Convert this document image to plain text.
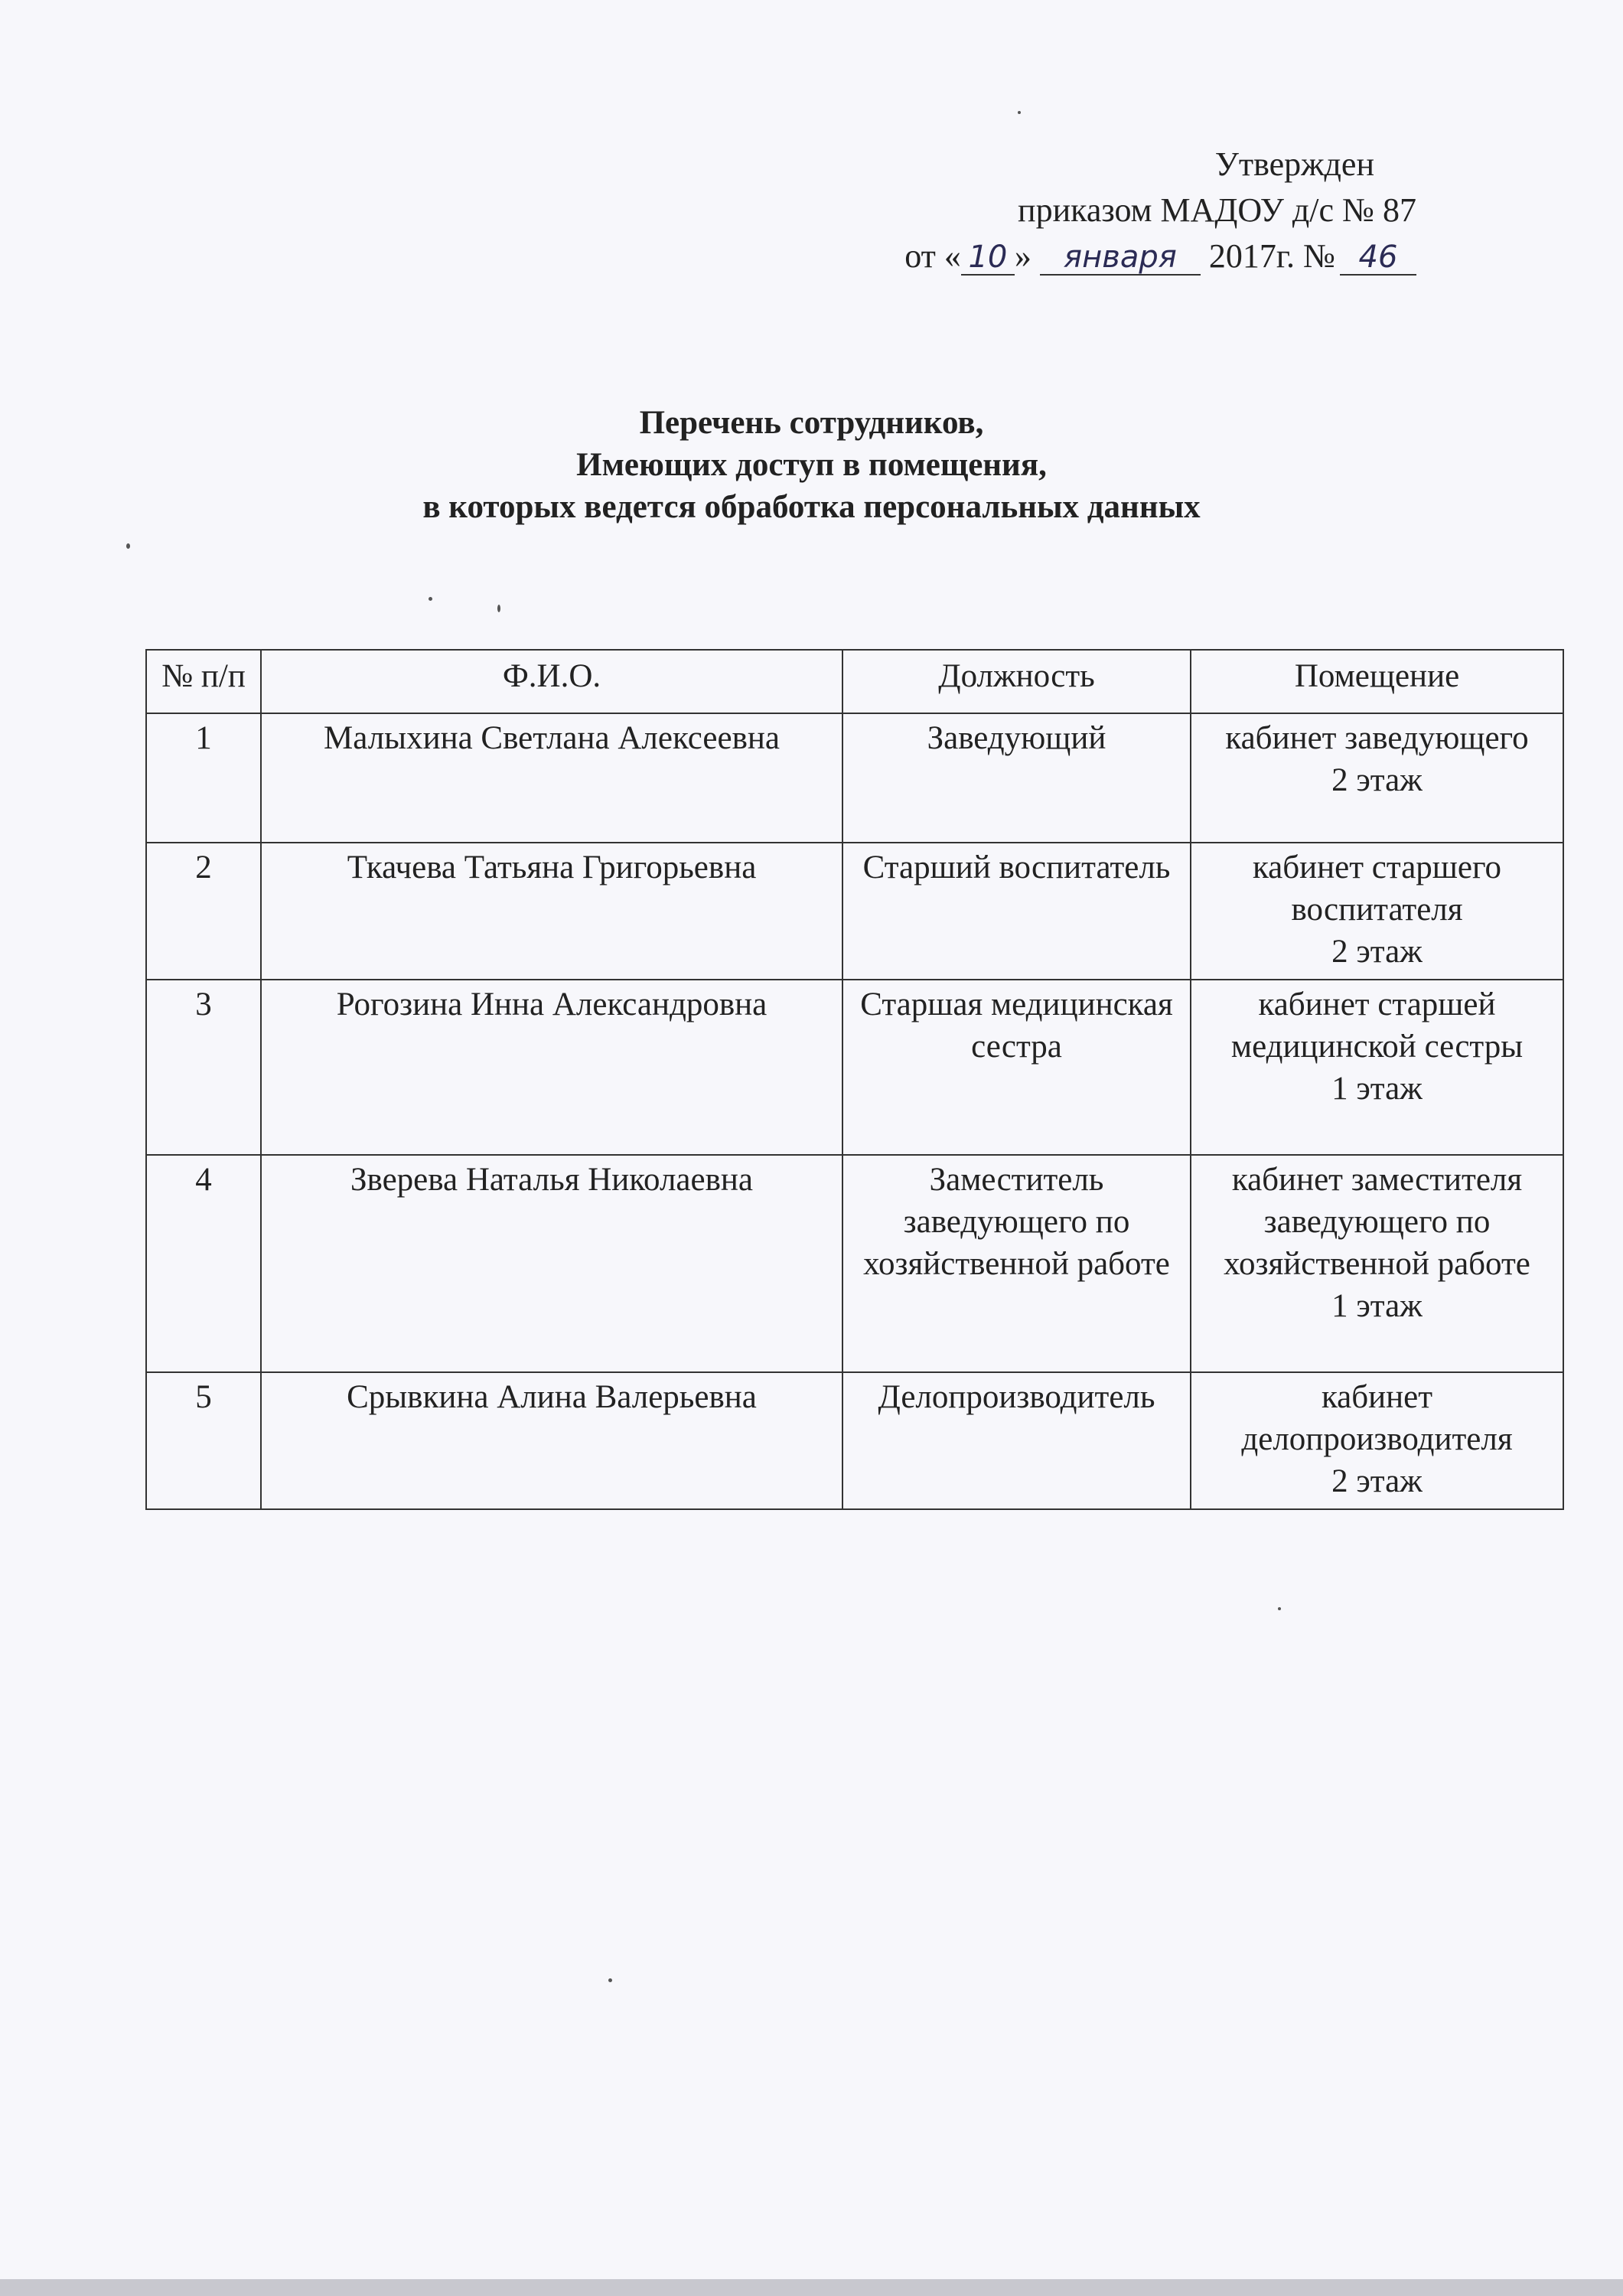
Утвержден
приказом МАДОУ д/с № 87
от « 10 » января 2017г. № 46
Перечень сотрудников,
Имеющих доступ в помещения,
в которых ведется обработка персональных данных
№ п/п	Ф.И.О.	Должность	Помещение
1	Малыхина Светлана Алексеевна	Заведующий	кабинет заведующего
2 этаж

2	Ткачева Татьяна Григорьевна	Старший воспитатель	кабинет старшего воспитателя
2 этаж

3	Рогозина Инна Александровна	Старшая медицинская сестра	кабинет старшей медицинской сестры
1 этаж

4	Зверева Наталья Николаевна	Заместитель заведующего по хозяйственной работе	кабинет заместителя заведующего по хозяйственной работе
1 этаж

5	Срывкина Алина Валерьевна	Делопроизводитель	кабинет делопроизводителя
2 этаж
